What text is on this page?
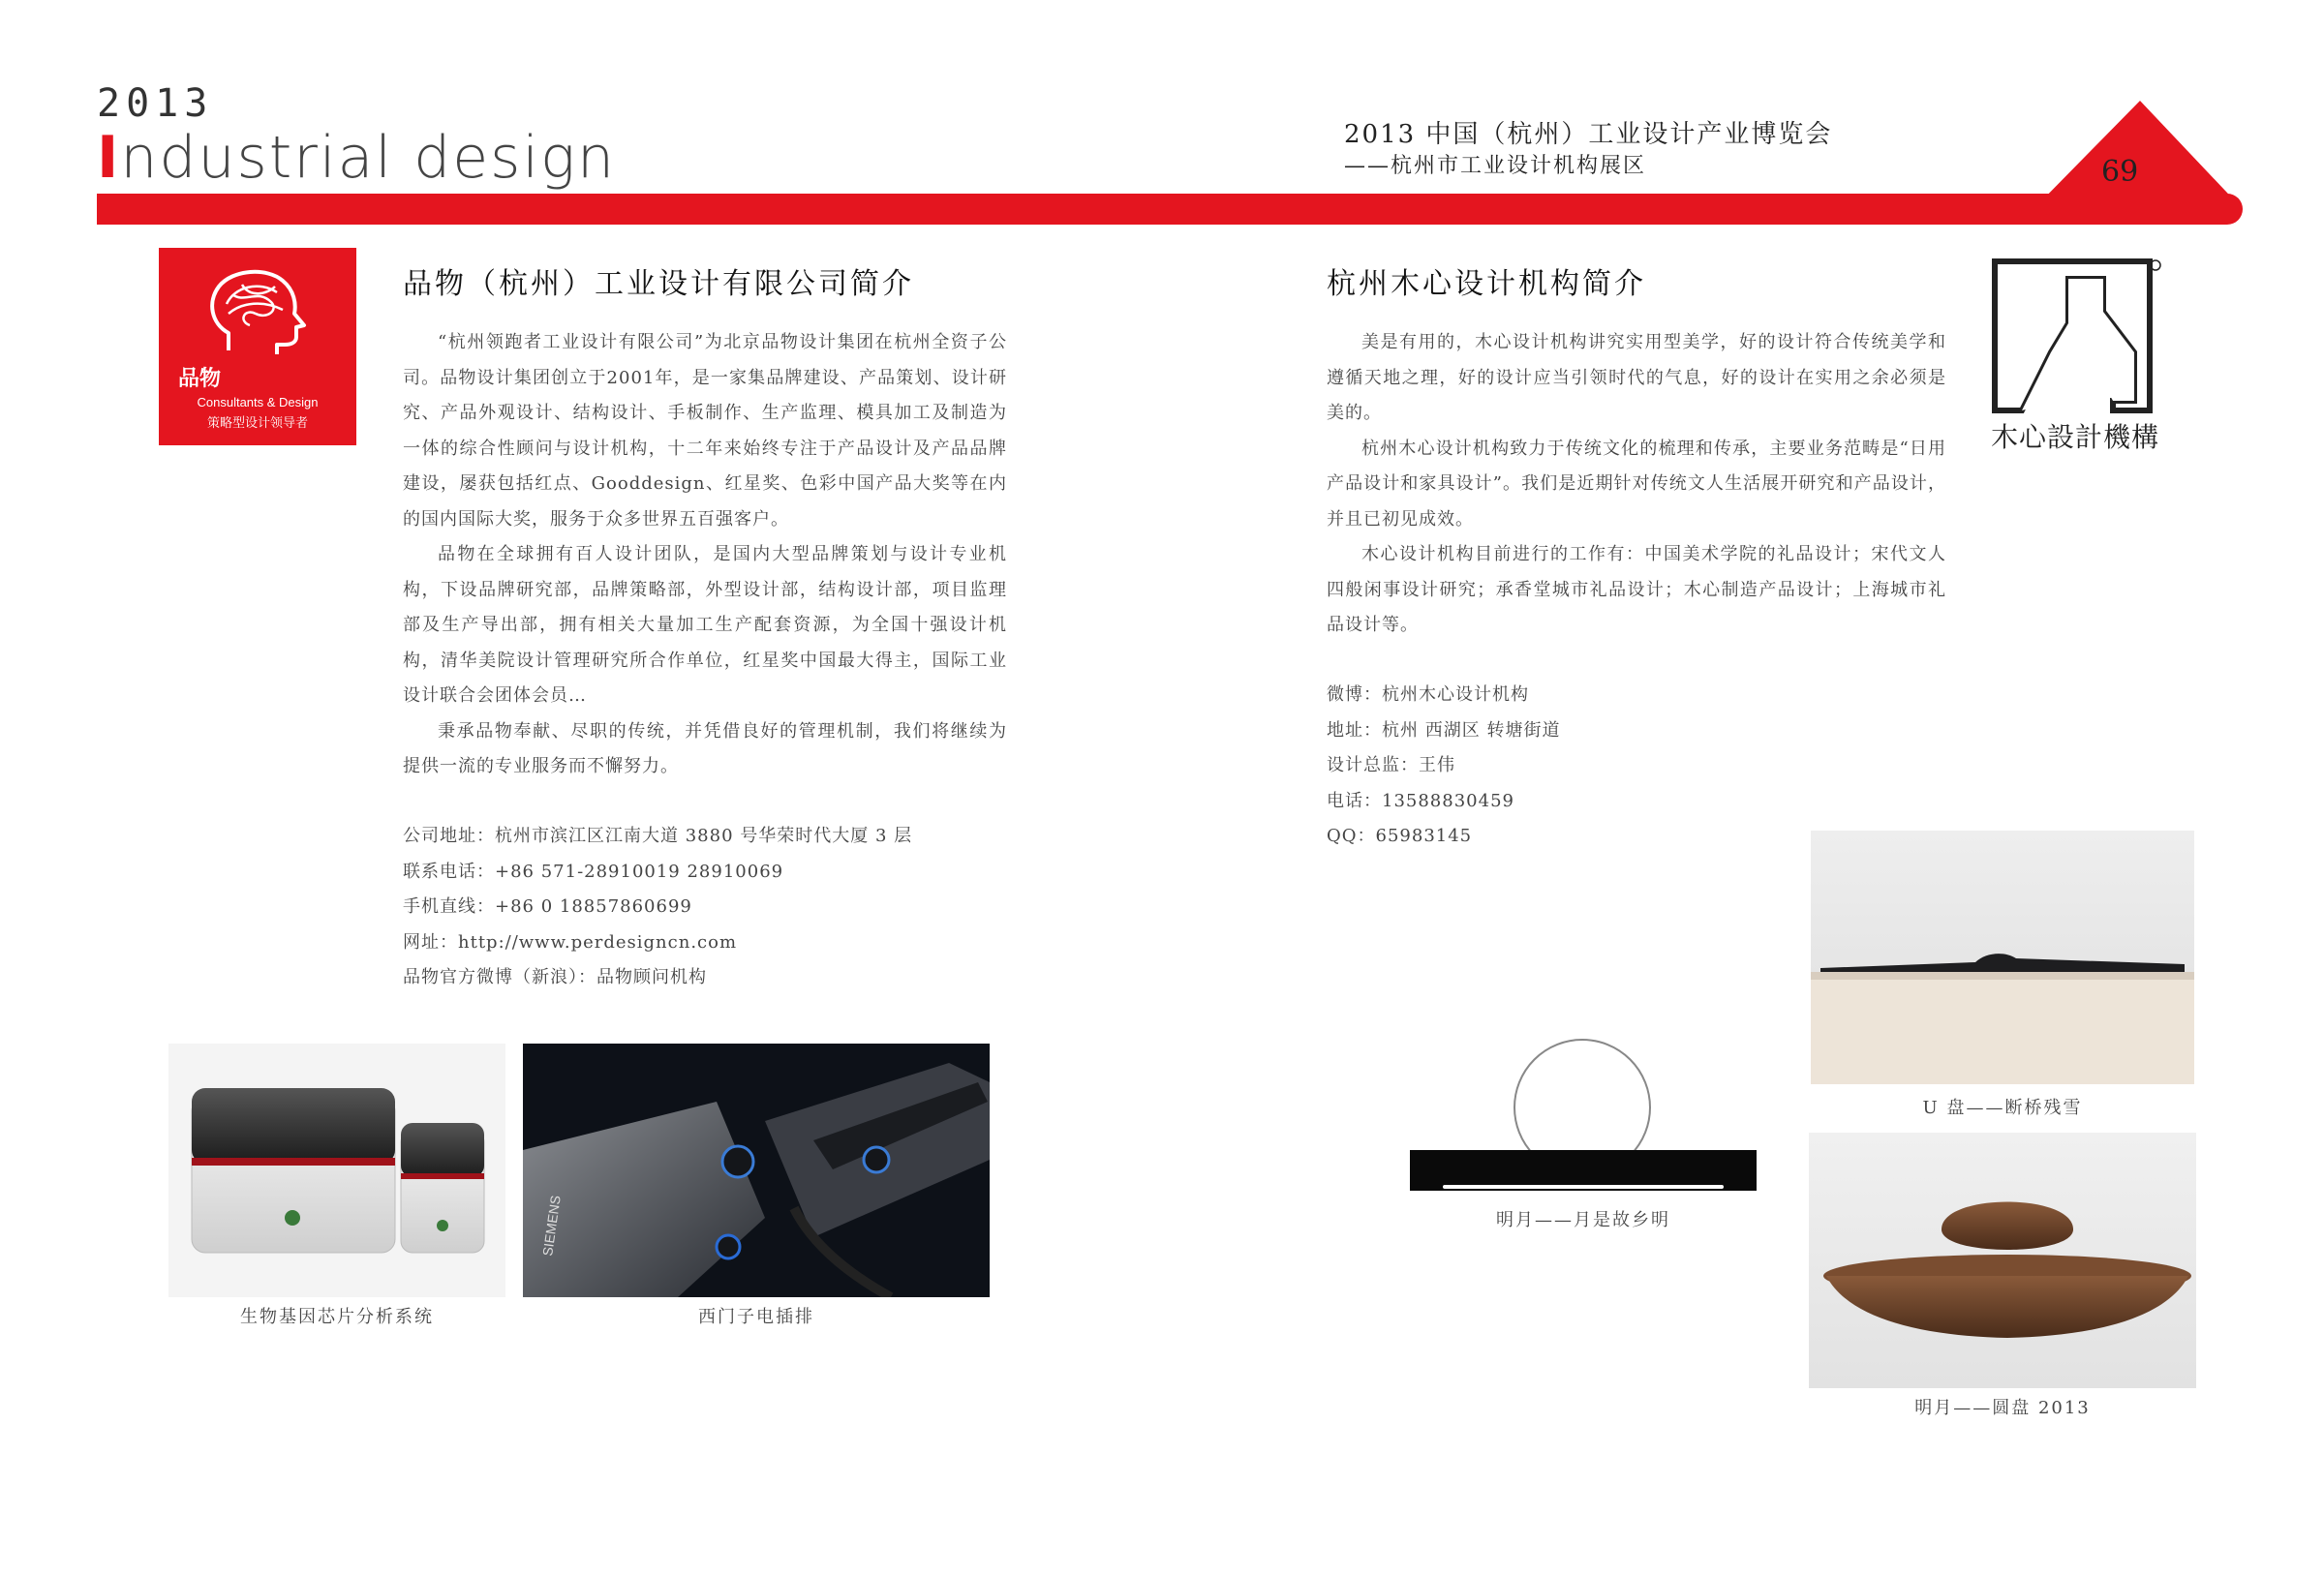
2013
Industrial design	2013 中国（杭州）工业设计产业博览会
——杭州市工业设计机构展区	69
品物
Consultants & Design
策略型设计领导者
品物（杭州）工业设计有限公司简介

“杭州领跑者工业设计有限公司”为北京品物设计集团在杭州全资子公司。品物设计集团创立于2001年，是一家集品牌建设、产品策划、设计研究、产品外观设计、结构设计、手板制作、生产监理、模具加工及制造为一体的综合性顾问与设计机构，十二年来始终专注于产品设计及产品品牌建设，屡获包括红点、Gooddesign、红星奖、色彩中国产品大奖等在内的国内国际大奖，服务于众多世界五百强客户。

品物在全球拥有百人设计团队，是国内大型品牌策划与设计专业机构，下设品牌研究部，品牌策略部，外型设计部，结构设计部，项目监理部及生产导出部，拥有相关大量加工生产配套资源，为全国十强设计机构，清华美院设计管理研究所合作单位，红星奖中国最大得主，国际工业设计联合会团体会员…

秉承品物奉献、尽职的传统，并凭借良好的管理机制，我们将继续为提供一流的专业服务而不懈努力。

公司地址：杭州市滨江区江南大道 3880 号华荣时代大厦 3 层
联系电话：+86 571-28910019 28910069
手机直线：+86 0 18857860699
网址：http://www.perdesigncn.com
品物官方微博（新浪）：品物顾问机构
生物基因芯片分析系统
SIEMENS
西门子电插排
杭州木心设计机构简介

美是有用的，木心设计机构讲究实用型美学，好的设计符合传统美学和遵循天地之理，好的设计应当引领时代的气息，好的设计在实用之余必须是美的。

杭州木心设计机构致力于传统文化的梳理和传承，主要业务范畴是“日用产品设计和家具设计”。我们是近期针对传统文人生活展开研究和产品设计，并且已初见成效。

木心设计机构目前进行的工作有：中国美术学院的礼品设计；宋代文人四般闲事设计研究；承香堂城市礼品设计；木心制造产品设计；上海城市礼品设计等。

微博：杭州木心设计机构
地址：杭州 西湖区 转塘街道
设计总监：王伟
电话：13588830459
QQ：65983145
木心設計機構
明月——月是故乡明
U 盘——断桥残雪
明月——圆盘 2013
